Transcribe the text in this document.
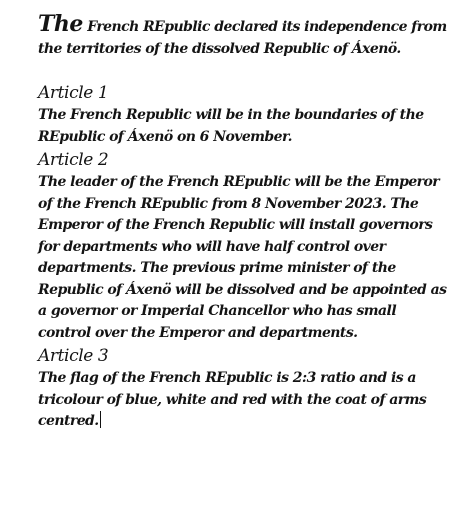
The French REpublic declared its independence from the territories of the dissolved Republic of Áxenö.

Article 1

The French Republic will be in the boundaries of the REpublic of Áxenö on 6 November.

Article 2

The leader of the French REpublic will be the Emperor of the French REpublic from 8 November 2023. The Emperor of the French Republic will install governors for departments who will have half control over departments. The previous prime minister of the Republic of Áxenö will be dissolved and be appointed as a governor or Imperial Chancellor who has small control over the Emperor and departments.

Article 3

The flag of the French REpublic is 2:3 ratio and is a tricolour of blue, white and red with the coat of arms centred.
